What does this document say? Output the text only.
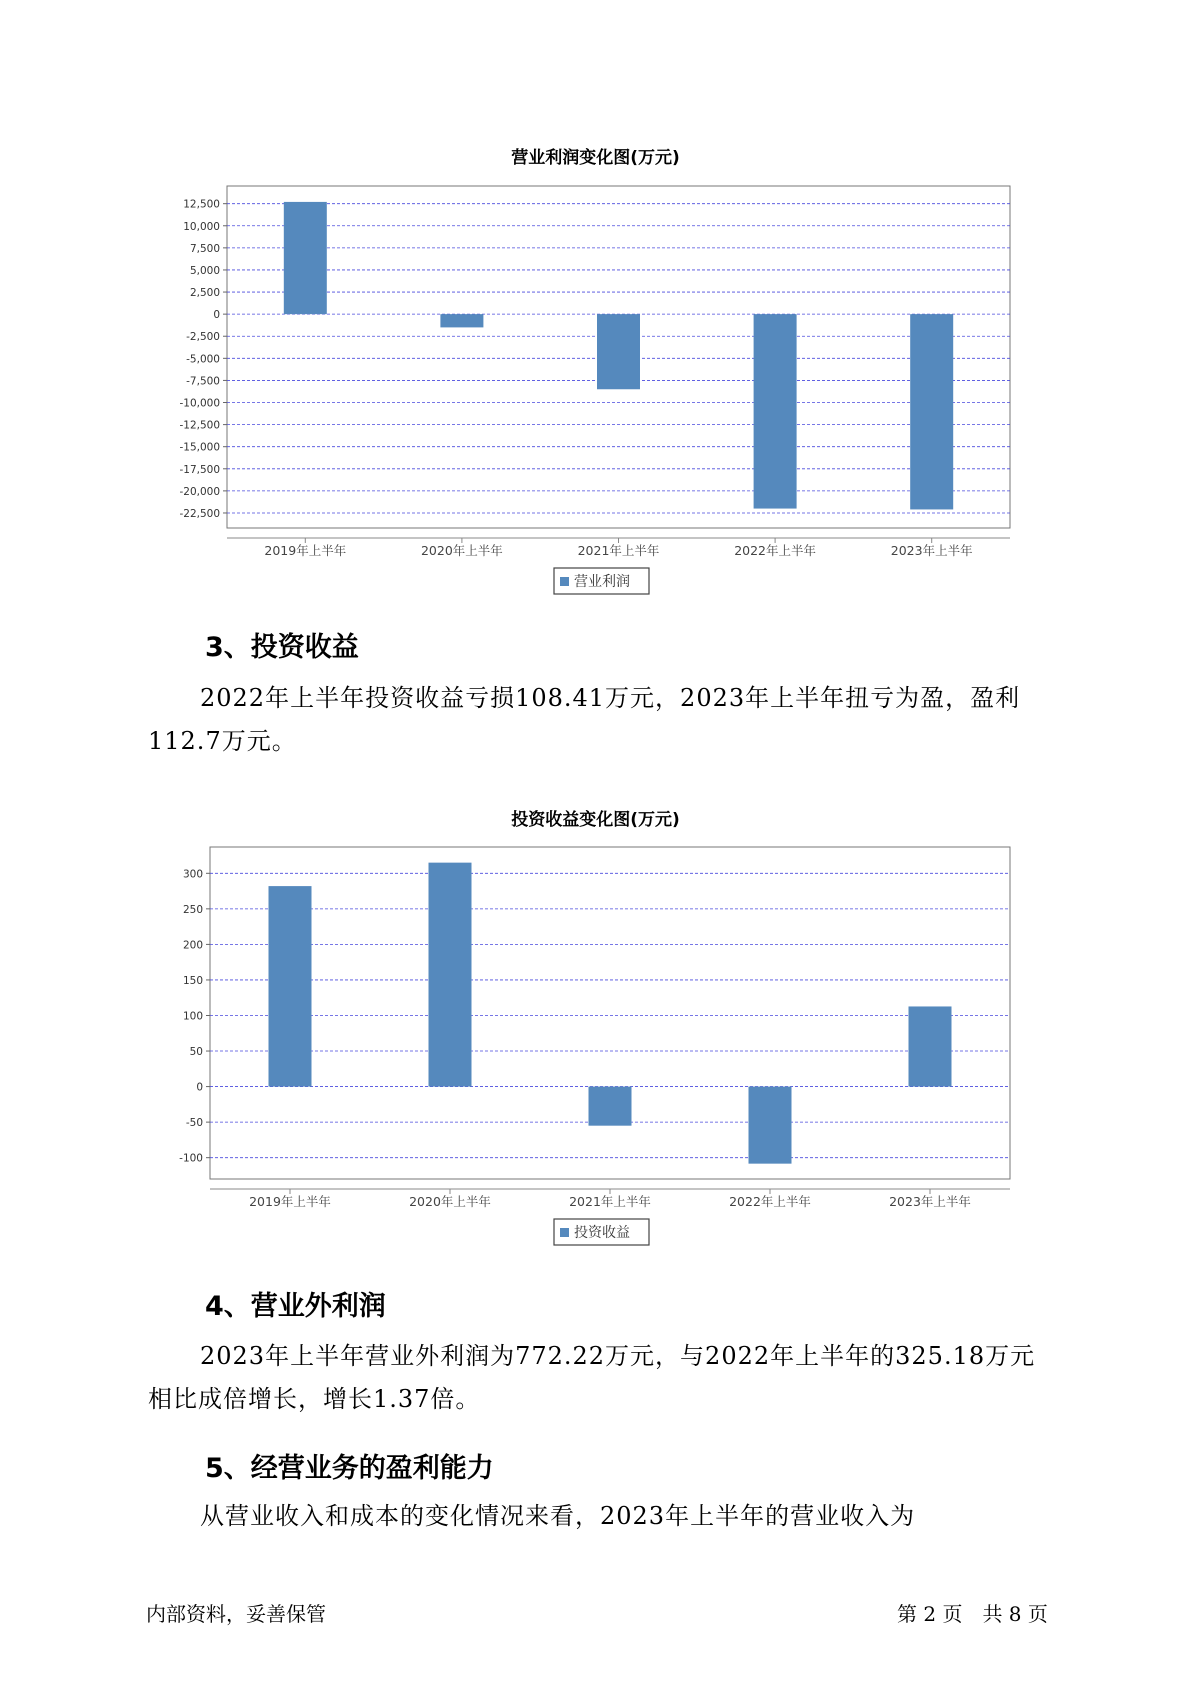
营业利润变化图(万元)
12,500
10,000
7,500
5,000
2,500
0
-2,500
-5,000
-7,500
-10,000
-12,500
-15,000
-17,500
-20,000
-22,500
2019年上半年	2020年上半年	2021年上半年	2022年上半年	2023年上半年
营业利润
3、投资收益
2022年上半年投资收益亏损108.41万元，2023年上半年扭亏为盈，盈利112.7万元。
投资收益变化图(万元)
300
250
200
150
100
50
0
-50
-100
2019年上半年	2020年上半年	2021年上半年	2022年上半年	2023年上半年
投资收益
4、营业外利润
2023年上半年营业外利润为772.22万元，与2022年上半年的325.18万元相比成倍增长，增长1.37倍。
5、经营业务的盈利能力
从营业收入和成本的变化情况来看，2023年上半年的营业收入为
内部资料，妥善保管	第 2 页　共 8 页
